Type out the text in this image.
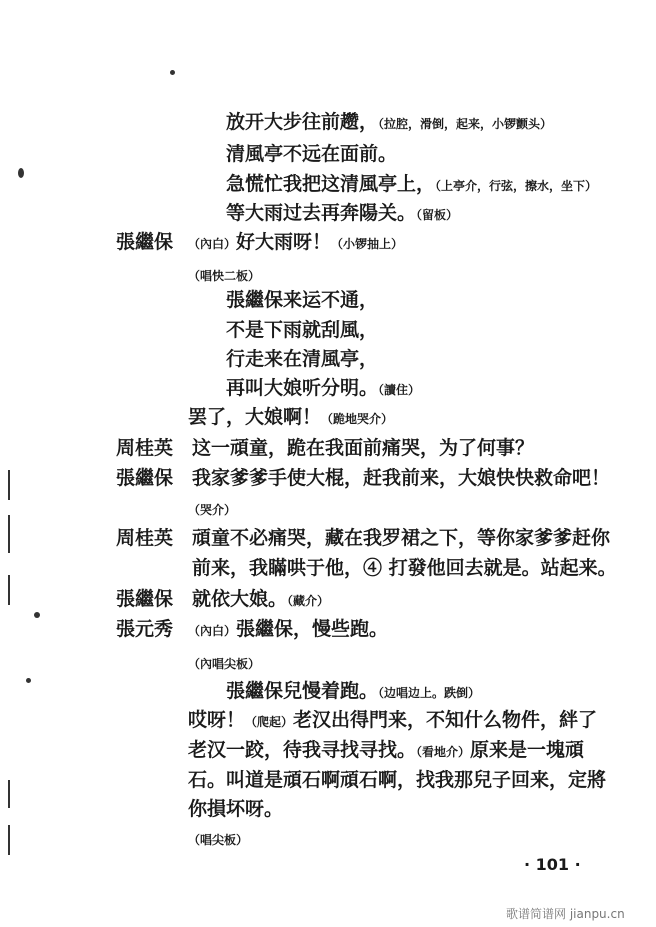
放开大步往前趱，（拉腔，滑倒，起来，小锣颤头）
清風亭不远在面前。
急慌忙我把这清風亭上，（上亭介，行弦，擦水，坐下）
等大雨过去再奔陽关。（留板）
張繼保 （內白）好大雨呀！（小锣抽上）
（唱快二板）
張繼保来运不通，
不是下雨就刮風，
行走来在清風亭，
再叫大娘听分明。（讀住）
罢了，大娘啊！（跪地哭介）
周桂英 这一頑童，跪在我面前痛哭，为了何事？
張繼保 我家爹爹手使大棍，赶我前来，大娘快快救命吧！
（哭介）
周桂英 頑童不必痛哭，藏在我罗裙之下，等你家爹爹赶你
前来，我瞞哄于他，④ 打發他回去就是。站起来。
張繼保 就依大娘。（藏介）
張元秀 （內白）張繼保，慢些跑。
（內唱尖板）
張繼保兒慢着跑。（边唱边上。跌倒）
哎呀！（爬起）老汉出得門来，不知什么物件，絆了
老汉一跤，待我寻找寻找。（看地介）原来是一塊頑
石。叫道是頑石啊頑石啊，找我那兒子回来，定將
你損坏呀。
（唱尖板）
· 101 ·
歌谱简谱网 jianpu.cn
